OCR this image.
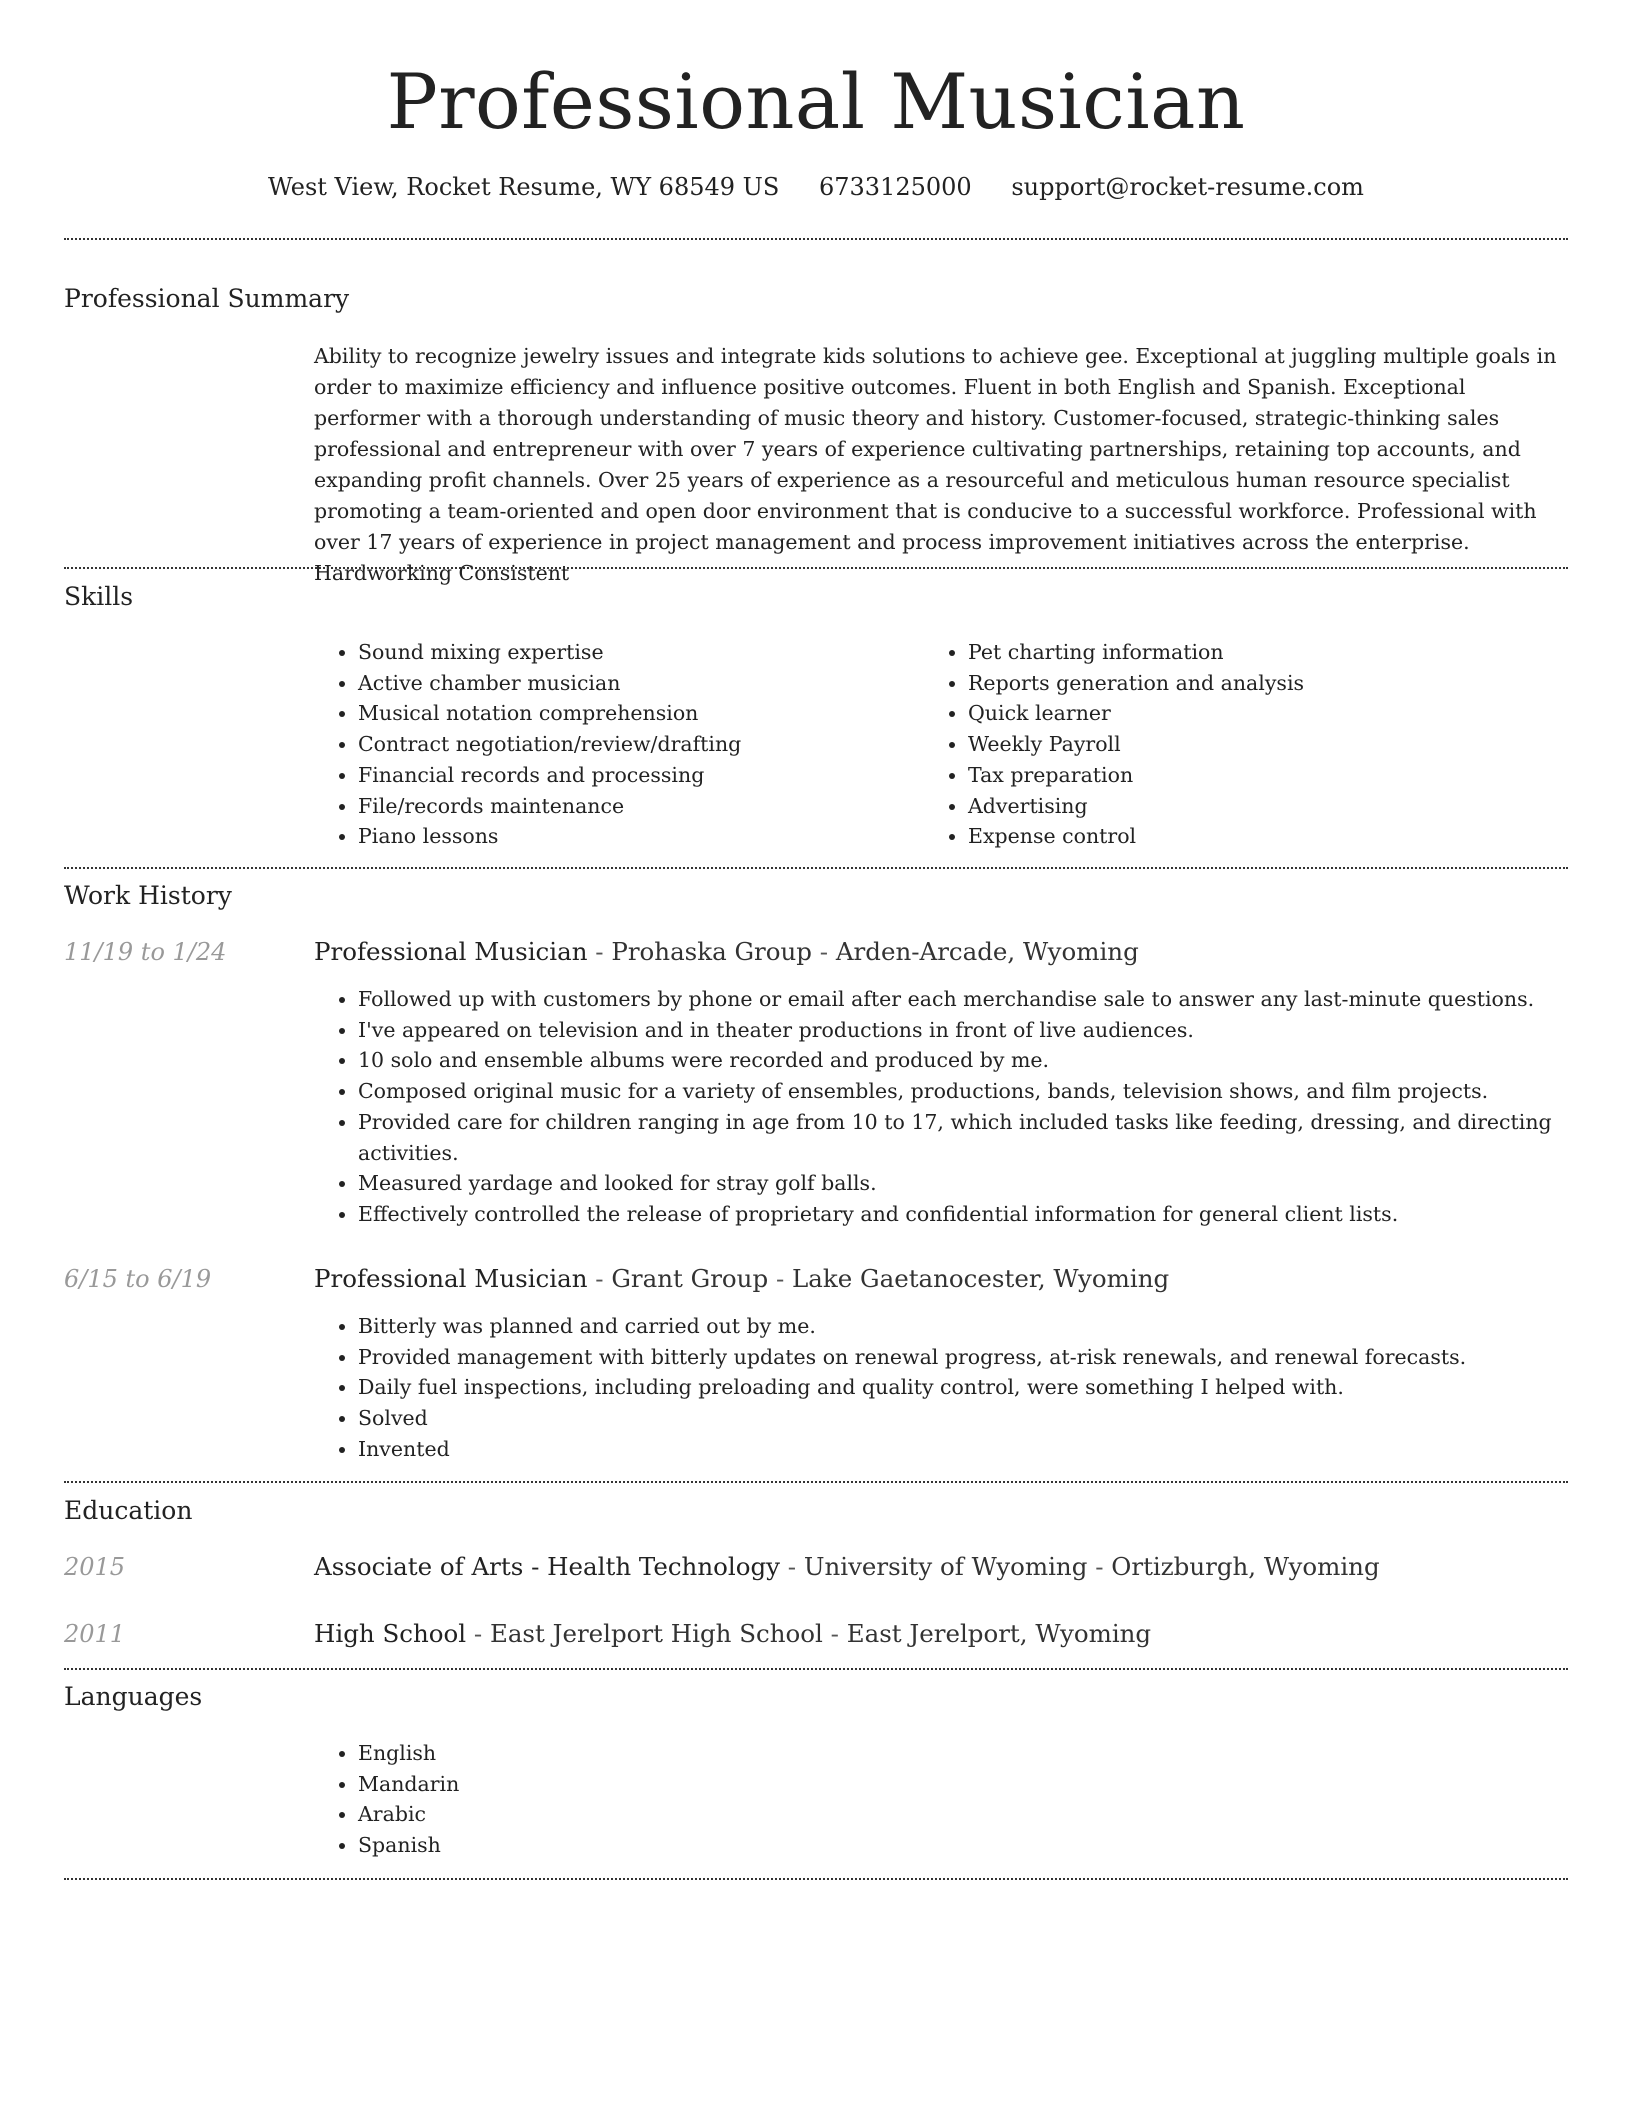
Professional Musician
West View, Rocket Resume, WY 68549 US 6733125000 support@rocket-resume.com
Professional Summary

Ability to recognize jewelry issues and integrate kids solutions to achieve gee. Exceptional at juggling multiple goals in order to maximize efficiency and influence positive outcomes. Fluent in both English and Spanish. Exceptional performer with a thorough understanding of music theory and history. Customer-focused, strategic-thinking sales professional and entrepreneur with over 7 years of experience cultivating partnerships, retaining top accounts, and expanding profit channels. Over 25 years of experience as a resourceful and meticulous human resource specialist promoting a team-oriented and open door environment that is conducive to a successful workforce. Professional with over 17 years of experience in project management and process improvement initiatives across the enterprise. Hardworking Consistent

Skills
• Sound mixing expertise
• Active chamber musician
• Musical notation comprehension
• Contract negotiation/review/drafting
• Financial records and processing
• File/records maintenance
• Piano lessons
• Pet charting information
• Reports generation and analysis
• Quick learner
• Weekly Payroll
• Tax preparation
• Advertising
• Expense control
Work History
11/19 to 1/24	Professional Musician - Prohaska Group - Arden-Arcade, Wyoming
• Followed up with customers by phone or email after each merchandise sale to answer any last-minute questions.
• I've appeared on television and in theater productions in front of live audiences.
• 10 solo and ensemble albums were recorded and produced by me.
• Composed original music for a variety of ensembles, productions, bands, television shows, and film projects.
• Provided care for children ranging in age from 10 to 17, which included tasks like feeding, dressing, and directing activities.
• Measured yardage and looked for stray golf balls.
• Effectively controlled the release of proprietary and confidential information for general client lists.
6/15 to 6/19	Professional Musician - Grant Group - Lake Gaetanocester, Wyoming
• Bitterly was planned and carried out by me.
• Provided management with bitterly updates on renewal progress, at-risk renewals, and renewal forecasts.
• Daily fuel inspections, including preloading and quality control, were something I helped with.
• Solved
• Invented
Education
2015	Associate of Arts - Health Technology - University of Wyoming - Ortizburgh, Wyoming
2011	High School - East Jerelport High School - East Jerelport, Wyoming
Languages
• English
• Mandarin
• Arabic
• Spanish
